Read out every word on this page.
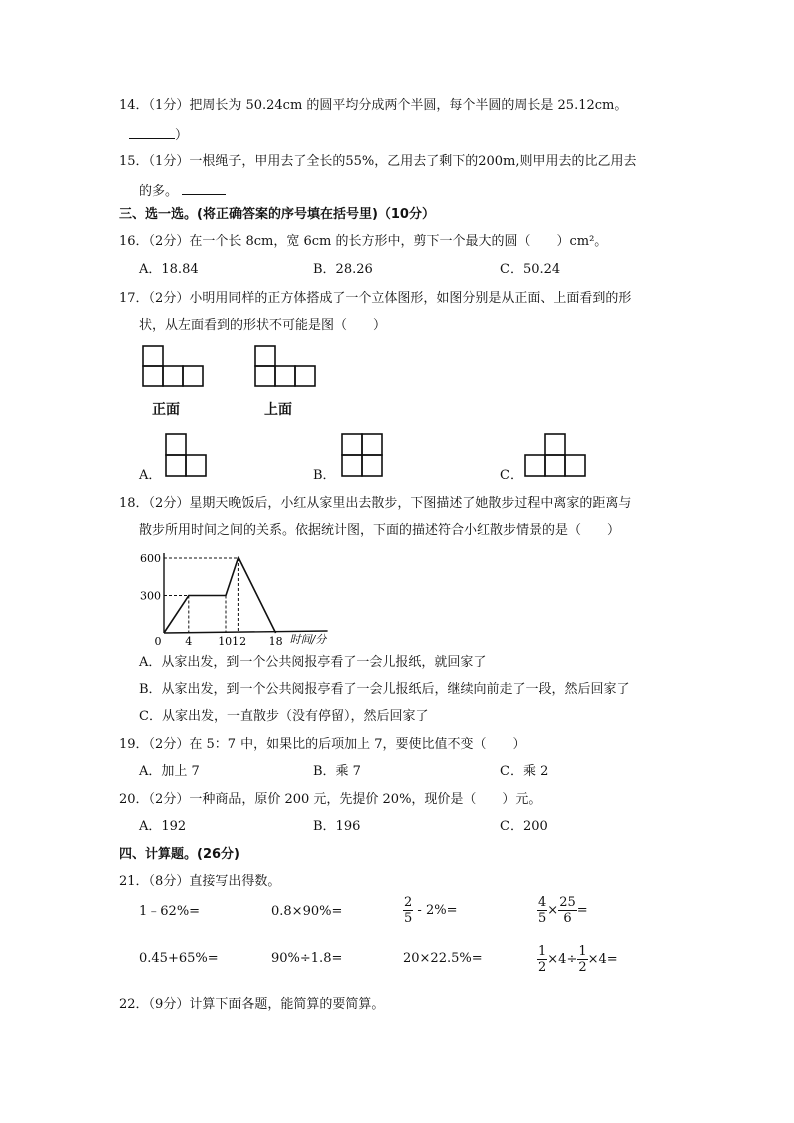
14．（1分）把周长为 50.24cm 的圆平均分成两个半圆，每个半圆的周长是 25.12cm。
）
15．（1分）一根绳子，甲用去了全长的55%，乙用去了剩下的200m,则甲用去的比乙用去
的多。
三、选一选。(将正确答案的序号填在括号里)（10分）
16．（2分）在一个长 8cm，宽 6cm 的长方形中，剪下一个最大的圆（　　）cm²。
A．18.84	B．28.26	C．50.24
17．（2分）小明用同样的正方体搭成了一个立体图形，如图分别是从正面、上面看到的形
状，从左面看到的形状不可能是图（　　）
正面	上面
A．	B．	C．
18．（2分）星期天晚饭后，小红从家里出去散步，下图描述了她散步过程中离家的距离与
散步所用时间之间的关系。依据统计图，下面的描述符合小红散步情景的是（　　）
600
300
0 4 1012 18 时间/分
A．从家出发，到一个公共阅报亭看了一会儿报纸，就回家了
B．从家出发，到一个公共阅报亭看了一会儿报纸后，继续向前走了一段，然后回家了
C．从家出发，一直散步（没有停留），然后回家了
19．（2分）在 5：7 中，如果比的后项加上 7，要使比值不变（　　）
A．加上 7	B．乘 7	C．乘 2
20．（2分）一种商品，原价 200 元，先提价 20%，现价是（　　）元。
A．192	B．196	C．200
四、计算题。(26分)
21．（8分）直接写出得数。
1﹣62%=	0.8×90%=	$\frac{2}{5} - 2\%=$	$\frac{4}{5} \times \frac{25}{6}$ =
0.45+65%=	90%÷1.8=	20×22.5%=	$\frac{1}{2} \times 4\div \frac{1}{2} \times 4=$
22．（9分）计算下面各题，能简算的要简算。
